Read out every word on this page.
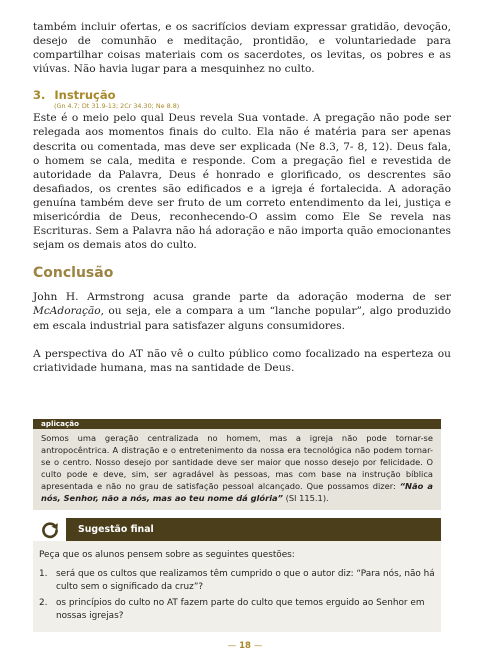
também incluir ofertas, e os sacrifícios deviam expressar gratidão, devoção, desejo de comunhão e meditação, prontidão, e voluntariedade para compartilhar coisas materiais com os sacerdotes, os levitas, os pobres e as viúvas. Não havia lugar para a mesquinhez no culto.

3. Instrução
(Gn 4.7; Dt 31.9-13; 2Cr 34.30; Ne 8.8)

Este é o meio pelo qual Deus revela Sua vontade. A pregação não pode ser relegada aos momentos finais do culto. Ela não é matéria para ser apenas descrita ou comentada, mas deve ser explicada (Ne 8.3, 7- 8, 12). Deus fala, o homem se cala, medita e responde. Com a pregação fiel e revestida de autoridade da Palavra, Deus é honrado e glorificado, os descrentes são desafiados, os crentes são edificados e a igreja é fortalecida. A adoração genuína também deve ser fruto de um correto entendimento da lei, justiça e misericórdia de Deus, reconhecendo-O assim como Ele Se revela nas Escrituras. Sem a Palavra não há adoração e não importa quão emocionantes sejam os demais atos do culto.

Conclusão

John H. Armstrong acusa grande parte da adoração moderna de ser McAdoração, ou seja, ele a compara a um “lanche popular”, algo produzido em escala industrial para satisfazer alguns consumidores.

A perspectiva do AT não vê o culto público como focalizado na esperteza ou criatividade humana, mas na santidade de Deus.

aplicação

Somos uma geração centralizada no homem, mas a igreja não pode tornar-se antropocêntrica. A distração e o entretenimento da nossa era tecnológica não podem tornar-se o centro. Nosso desejo por santidade deve ser maior que nosso desejo por felicidade. O culto pode e deve, sim, ser agradável às pessoas, mas com base na instrução bíblica apresentada e não no grau de satisfação pessoal alcançado. Que possamos dizer: “Não a nós, Senhor, não a nós, mas ao teu nome dá glória” (Sl 115.1).

Sugestão final

Peça que os alunos pensem sobre as seguintes questões:

1. será que os cultos que realizamos têm cumprido o que o autor diz: “Para nós, não há culto sem o significado da cruz”?
2. os princípios do culto no AT fazem parte do culto que temos erguido ao Senhor em nossas igrejas?
— 18 —
